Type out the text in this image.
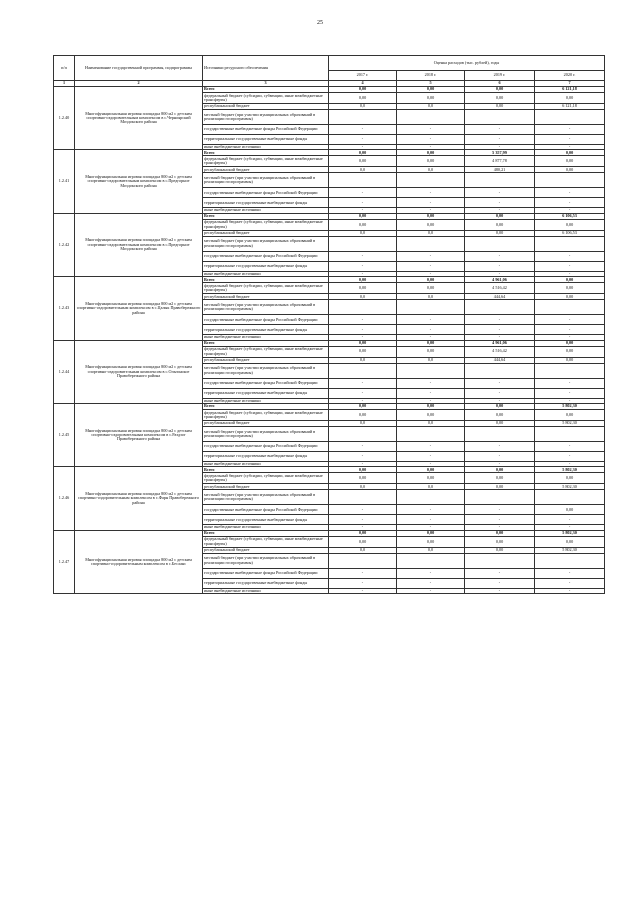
25
п/п	Наименование государственной программы, подпрограммы	Источники ресурсного обеспечения	Оценка расходов (тыс. рублей), годы			
			2017 г.	2018 г.	2019 г.	2020 г.
1	2	3	4	5	6	7
1.2.40	Многофункциональная игровая площадка 800 м2 с детским спортивно-оздоровительным комплексом в с.Черноярский Моздокского района	Всего	0,00	0,00	0,00	6 121,18
		федеральный бюджет (субсидии, субвенции, иные межбюджетные трансферты)	0,00	0,00	0,00	0,00
		республиканский бюджет	0,0	0,0	0,00	6 121,18
		местный бюджет (при участии муниципальных образований в реализации госпрограммы)				
		государственные внебюджетные фонды Российской Федерации	-	-	-	-
		территориальные государственные внебюджетные фонды	-	-	-	-
		иные внебюджетные источники	-	-	-	-
1.2.41	Многофункциональная игровая площадка 800 м2 с детским спортивно-оздоровительным комплексом в с.Предгорное Моздокского района	Всего	0,00	0,00	5 357,99	0,00
		федеральный бюджет (субсидии, субвенции, иные межбюджетные трансферты)	0,00	0,00	4 877,78	0,00
		республиканский бюджет	0,0	0,0	480,21	0,00
		местный бюджет (при участии муниципальных образований в реализации госпрограммы)				
		государственные внебюджетные фонды Российской Федерации	-	-	-	-
		территориальные государственные внебюджетные фонды	-	-	-	-
		иные внебюджетные источники	-	-	-	-
1.2.42	Многофункциональная игровая площадка 800 м2 с детским спортивно-оздоровительным комплексом в с.Предгорное Моздокского района	Всего	0,00	0,00	0,00	6 106,53
		федеральный бюджет (субсидии, субвенции, иные межбюджетные трансферты)	0,00	0,00	0,00	0,00
		республиканский бюджет	0,0	0,0	0,00	6 106,53
		местный бюджет (при участии муниципальных образований в реализации госпрограммы)				
		государственные внебюджетные фонды Российской Федерации	-	-	-	-
		территориальные государственные внебюджетные фонды	-	-	-	-
		иные внебюджетные источники	-	-	-	-
1.2.43	Многофункциональная игровая площадка 800 м2 с детским спортивно-оздоровительным комплексом в с.Цалык Правобережного района	Всего	0,00	0,00	4 961,06	0,00
		федеральный бюджет (субсидии, субвенции, иные межбюджетные трансферты)	0,00	0,00	4 516,42	0,00
		республиканский бюджет	0,0	0,0	444,64	0,00
		местный бюджет (при участии муниципальных образований в реализации госпрограммы)				
		государственные внебюджетные фонды Российской Федерации	-	-	-	-
		территориальные государственные внебюджетные фонды	-	-	-	-
		иные внебюджетные источники	-	-	-	-
1.2.44	Многофункциональная игровая площадка 800 м2 с детским спортивно-оздоровительным комплексом в с.Ольгинское Правобережного района	Всего	0,00	0,00	4 961,06	0,00
		федеральный бюджет (субсидии, субвенции, иные межбюджетные трансферты)	0,00	0,00	4 516,42	0,00
		республиканский бюджет	0,0	0,0	444,64	0,00
		местный бюджет (при участии муниципальных образований в реализации госпрограммы)				
		государственные внебюджетные фонды Российской Федерации	-	-	-	-
		территориальные государственные внебюджетные фонды	-	-	-	-
		иные внебюджетные источники	-	-	-	-
1.2.45	Многофункциональная игровая площадка 800 м2 с детским спортивно-оздоровительным комплексом в с.Раздзог Правобережного района	Всего	0,00	0,00	0,00	5 802,30
		федеральный бюджет (субсидии, субвенции, иные межбюджетные трансферты)	0,00	0,00	0,00	0,00
		республиканский бюджет	0,0	0,0	0,00	5 802,30
		местный бюджет (при участии муниципальных образований в реализации госпрограммы)				
		государственные внебюджетные фонды Российской Федерации	-	-	-	-
		территориальные государственные внебюджетные фонды	-	-	-	-
		иные внебюджетные источники	-	-	-	-
1.2.46	Многофункциональная игровая площадка 800 м2 с детским спортивно-оздоровительным комплексом в с.Фарн Правобережного района	Всего	0,00	0,00	0,00	5 802,30
		федеральный бюджет (субсидии, субвенции, иные межбюджетные трансферты)	0,00	0,00	0,00	0,00
		республиканский бюджет	0,0	0,0	0,00	5 802,30
		местный бюджет (при участии муниципальных образований в реализации госпрограммы)				
		государственные внебюджетные фонды Российской Федерации	-	-	-	0,00
		территориальные государственные внебюджетные фонды	-	-	-	-
		иные внебюджетные источники	-	-	-	-
1.2.47	Многофункциональная игровая площадка 800 м2 с детским спортивно-оздоровительным комплексом в с.Бесланс	Всего	0,00	0,00	0,00	5 802,30
		федеральный бюджет (субсидии, субвенции, иные межбюджетные трансферты)	0,00	0,00	0,00	0,00
		республиканский бюджет	0,0	0,0	0,00	5 802,30
		местный бюджет (при участии муниципальных образований в реализации госпрограммы)				
		государственные внебюджетные фонды Российской Федерации	-	-	-	-
		территориальные государственные внебюджетные фонды	-	-	-	-
		иные внебюджетные источники	-	-	-	-
